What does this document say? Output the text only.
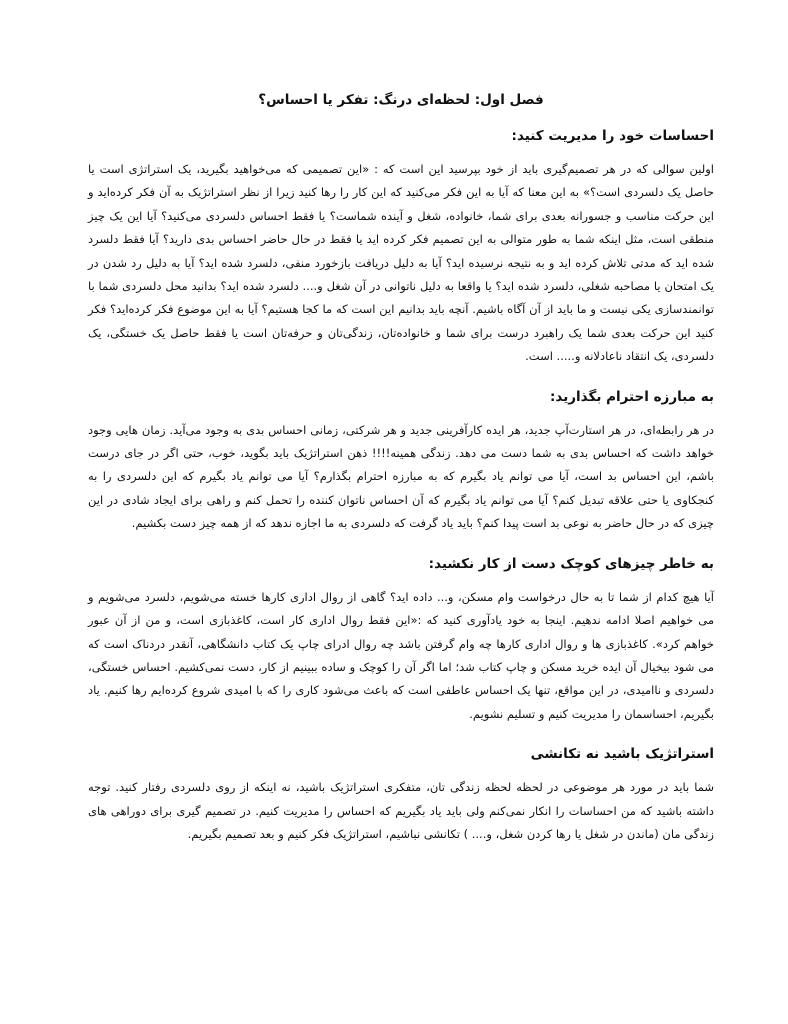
فصل اول: لحظه‌ای درنگ: تفکر یا احساس؟
احساسات خود را مدیریت کنید:

اولین سوالی که در هر تصمیم‌گیری باید از خود بپرسید این است که : «این تصمیمی که می‌خواهید بگیرید، یک استراتژی است یا حاصل یک دلسردی است؟» به این معنا که آیا به این فکر می‌کنید که این کار را رها کنید زیرا از نظر استراتژیک به آن فکر کرده‌اید و این حرکت مناسب و جسورانه بعدی برای شما، خانواده، شغل و آینده شماست؟ یا فقط احساس دلسردی می‌کنید؟ آیا این یک چیز منطقی است، مثل اینکه شما به طور متوالی به این تصمیم فکر کرده اید یا فقط در حال حاضر احساس بدی دارید؟ آیا فقط دلسرد شده اید که مدتی تلاش کرده اید و به نتیجه نرسیده اید؟ آیا به دلیل دریافت بازخورد منفی، دلسرد شده اید؟ آیا به دلیل رد شدن در یک امتحان یا مصاحبه شغلی، دلسرد شده اید؟ یا واقعا به دلیل ناتوانی در آن شغل و.... دلسرد شده اید؟ بدانید محل دلسردی شما با توانمندسازی یکی نیست و ما باید از آن آگاه باشیم. آنچه باید بدانیم این است که ما کجا هستیم؟ آیا به این موضوع فکر کرده‌اید؟ فکر کنید این حرکت بعدی شما یک راهبرد درست برای شما و خانواده‌تان، زندگی‌تان و حرفه‌تان است یا فقط حاصل یک خستگی، یک دلسردی، یک انتقاد ناعادلانه و..... است.

به مبارزه احترام بگذارید:

در هر رابطه‌ای، در هر استارت‌آپ جدید، هر ایده کارآفرینی جدید و هر شرکتی، زمانی احساس بدی به وجود می‌آید. زمان هایی وجود خواهد داشت که احساس بدی به شما دست می دهد. زندگی همینه!!!! ذهن استراتژیک باید بگوید، خوب، حتی اگر در جای درست باشم، این احساس بد است، آیا می توانم یاد بگیرم که به مبارزه احترام بگذارم؟ آیا می توانم یاد بگیرم که این دلسردی را به کنجکاوی یا حتی علاقه تبدیل کنم؟ آیا می توانم یاد بگیرم که آن احساس ناتوان کننده را تحمل کنم و راهی برای ایجاد شادی در این چیزی که در حال حاضر به نوعی بد است پیدا کنم؟ باید یاد گرفت که دلسردی به ما اجازه ندهد که از همه چیز دست بکشیم.

به خاطر چیزهای کوچک دست از کار نکشید:

آیا هیچ کدام از شما تا به حال درخواست وام مسکن، و... داده اید؟ گاهی از روال اداری کارها خسته می‌شویم، دلسرد می‌شویم و می خواهیم اصلا ادامه ندهیم. اینجا به خود یادآوری کنید که :«این فقط روال اداری کار است، کاغذبازی است، و من از آن عبور خواهم کرد». کاغذبازی ها و روال اداری کارها چه وام گرفتن باشد چه روال ادرای چاپ یک کتاب دانشگاهی، آنقدر دردناک است که می شود بیخیال آن ایده خرید مسکن و چاپ کتاب شد؛ اما اگر آن را کوچک و ساده ببینیم از کار، دست نمی‌کشیم. احساس خستگی، دلسردی و ناامیدی، در این مواقع، تنها یک احساس عاطفی است که باعث می‌شود کاری را که با امیدی شروع کرده‌ایم رها کنیم. یاد بگیریم، احساسمان را مدیریت کنیم و تسلیم نشویم.

استراتژیک باشید نه تکانشی

شما باید در مورد هر موضوعی در لحظه لحظه زندگی تان، متفکری استراتژیک باشید، نه اینکه از روی دلسردی رفتار کنید. توجه داشته باشید که من احساسات را انکار نمی‌کنم ولی باید یاد بگیریم که احساس را مدیریت کنیم. در تصمیم گیری برای دوراهی های زندگی مان (ماندن در شغل یا رها کردن شغل، و.... ) تکانشی نباشیم، استراتژیک فکر کنیم و بعد تصمیم بگیریم.
